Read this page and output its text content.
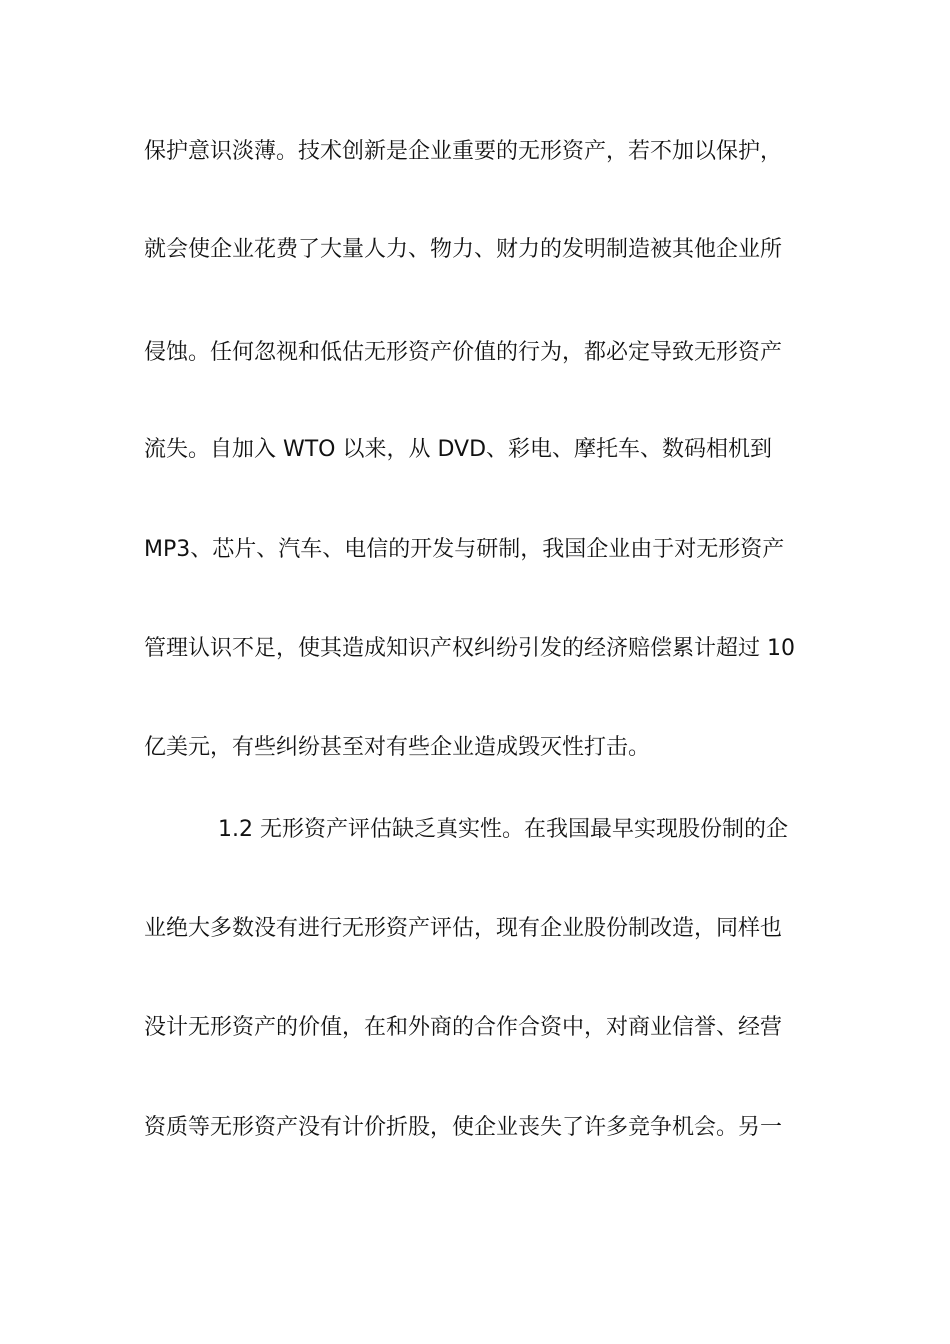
保护意识淡薄。技术创新是企业重要的无形资产，若不加以保护，
就会使企业花费了大量人力、物力、财力的发明制造被其他企业所
侵蚀。任何忽视和低估无形资产价值的行为，都必定导致无形资产
流失。自加入 WTO 以来，从 DVD、彩电、摩托车、数码相机到
MP3、芯片、汽车、电信的开发与研制，我国企业由于对无形资产
管理认识不足，使其造成知识产权纠纷引发的经济赔偿累计超过 10
亿美元，有些纠纷甚至对有些企业造成毁灭性打击。
1.2 无形资产评估缺乏真实性。在我国最早实现股份制的企
业绝大多数没有进行无形资产评估，现有企业股份制改造，同样也
没计无形资产的价值，在和外商的合作合资中，对商业信誉、经营
资质等无形资产没有计价折股，使企业丧失了许多竞争机会。另一
